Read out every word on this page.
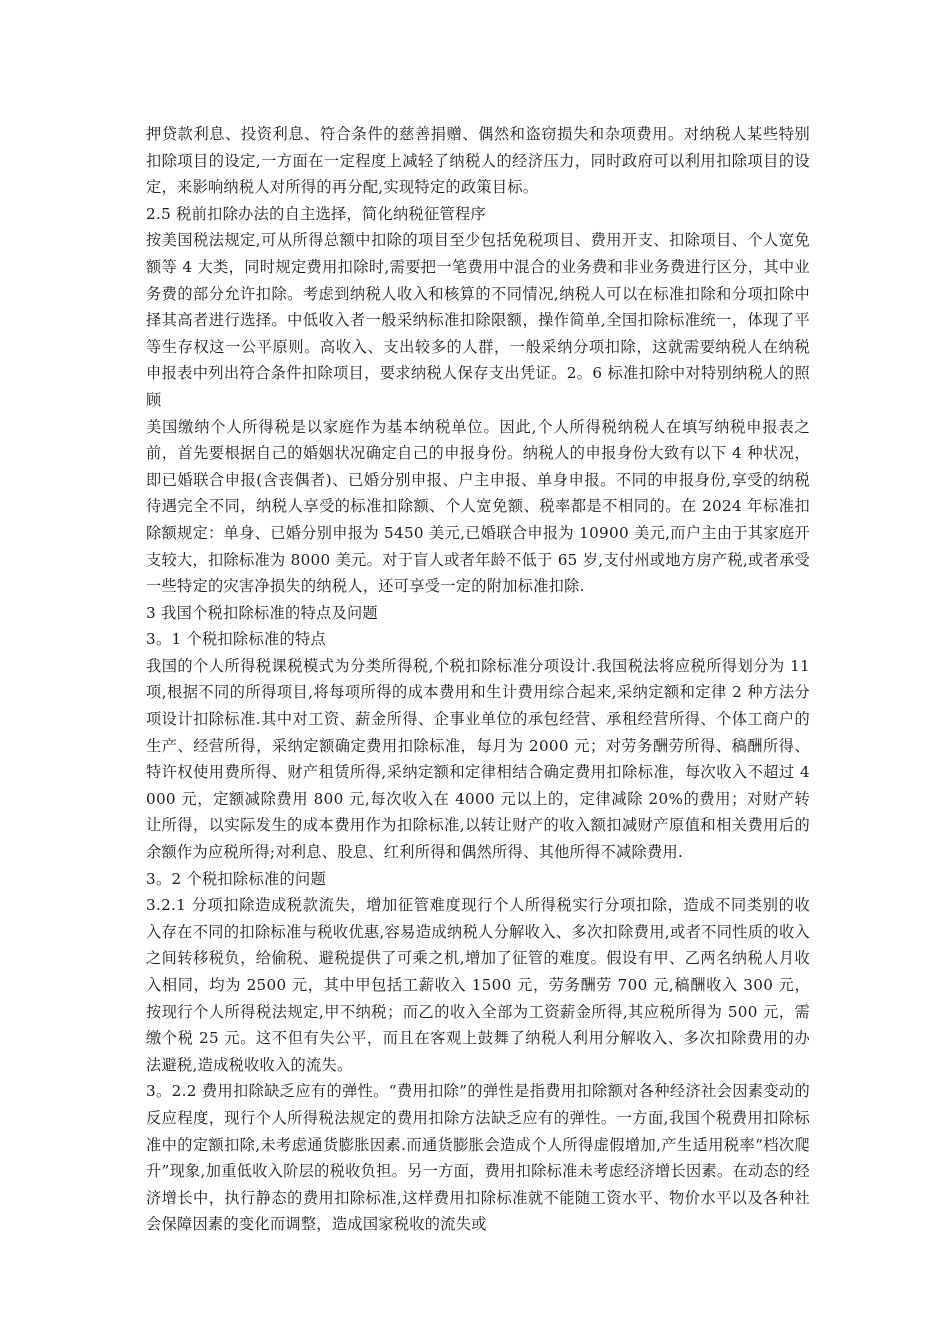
押贷款利息、投资利息、符合条件的慈善捐赠、偶然和盗窃损失和杂项费用。对纳税人某些特别扣除项目的设定,一方面在一定程度上减轻了纳税人的经济压力，同时政府可以利用扣除项目的设定，来影响纳税人对所得的再分配,实现特定的政策目标。

2.5 税前扣除办法的自主选择，简化纳税征管程序

按美国税法规定,可从所得总额中扣除的项目至少包括免税项目、费用开支、扣除项目、个人宽免额等 4 大类，同时规定费用扣除时,需要把一笔费用中混合的业务费和非业务费进行区分，其中业务费的部分允许扣除。考虑到纳税人收入和核算的不同情况,纳税人可以在标准扣除和分项扣除中择其高者进行选择。中低收入者一般采纳标准扣除限额，操作简单,全国扣除标准统一，体现了平等生存权这一公平原则。高收入、支出较多的人群，一般采纳分项扣除，这就需要纳税人在纳税申报表中列出符合条件扣除项目，要求纳税人保存支出凭证。2。6 标准扣除中对特别纳税人的照顾

美国缴纳个人所得税是以家庭作为基本纳税单位。因此,个人所得税纳税人在填写纳税申报表之前，首先要根据自己的婚姻状况确定自己的申报身份。纳税人的申报身份大致有以下 4 种状况，即已婚联合申报(含丧偶者)、已婚分别申报、户主申报、单身申报。不同的申报身份,享受的纳税待遇完全不同，纳税人享受的标准扣除额、个人宽免额、税率都是不相同的。在 2024 年标准扣除额规定：单身、已婚分别申报为 5450 美元,已婚联合申报为 10900 美元,而户主由于其家庭开支较大，扣除标准为 8000 美元。对于盲人或者年龄不低于 65 岁,支付州或地方房产税,或者承受一些特定的灾害净损失的纳税人，还可享受一定的附加标准扣除.

3 我国个税扣除标准的特点及问题

3。1 个税扣除标准的特点

我国的个人所得税课税模式为分类所得税,个税扣除标准分项设计.我国税法将应税所得划分为 11 项,根据不同的所得项目,将每项所得的成本费用和生计费用综合起来,采纳定额和定律 2 种方法分项设计扣除标准.其中对工资、薪金所得、企事业单位的承包经营、承租经营所得、个体工商户的生产、经营所得，采纳定额确定费用扣除标准，每月为 2000 元；对劳务酬劳所得、稿酬所得、特许权使用费所得、财产租赁所得,采纳定额和定律相结合确定费用扣除标准，每次收入不超过 4000 元，定额减除费用 800 元,每次收入在 4000 元以上的，定律减除 20%的费用；对财产转让所得，以实际发生的成本费用作为扣除标准,以转让财产的收入额扣减财产原值和相关费用后的余额作为应税所得;对利息、股息、红利所得和偶然所得、其他所得不减除费用.

3。2 个税扣除标准的问题

3.2.1 分项扣除造成税款流失，增加征管难度现行个人所得税实行分项扣除，造成不同类别的收入存在不同的扣除标准与税收优惠,容易造成纳税人分解收入、多次扣除费用,或者不同性质的收入之间转移税负，给偷税、避税提供了可乘之机,增加了征管的难度。假设有甲、乙两名纳税人月收入相同，均为 2500 元，其中甲包括工薪收入 1500 元，劳务酬劳 700 元,稿酬收入 300 元，按现行个人所得税法规定,甲不纳税；而乙的收入全部为工资薪金所得,其应税所得为 500 元，需缴个税 25 元。这不但有失公平，而且在客观上鼓舞了纳税人利用分解收入、多次扣除费用的办法避税,造成税收收入的流失。

3。2.2 费用扣除缺乏应有的弹性。“费用扣除”的弹性是指费用扣除额对各种经济社会因素变动的反应程度，现行个人所得税法规定的费用扣除方法缺乏应有的弹性。一方面,我国个税费用扣除标准中的定额扣除,未考虑通货膨胀因素.而通货膨胀会造成个人所得虚假增加,产生适用税率“档次爬升”现象,加重低收入阶层的税收负担。另一方面，费用扣除标准未考虑经济增长因素。在动态的经济增长中，执行静态的费用扣除标准,这样费用扣除标准就不能随工资水平、物价水平以及各种社会保障因素的变化而调整，造成国家税收的流失或
